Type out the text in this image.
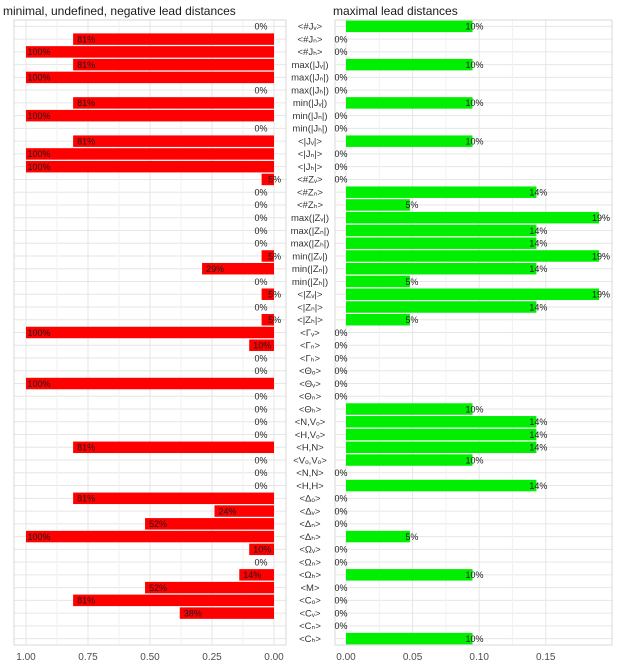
minimal, undefined, negative lead distances	maximal lead distances
1.00	0.75	0.50	0.25	0.00
0%
81%
100%
81%
100%
0%
81%
100%
0%
81%
100%
100%
5%
0%
0%
0%
0%
0%
5%
29%
0%
5%
0%
5%
100%
10%
0%
0%
100%
0%
0%
0%
0%
81%
0%
0%
0%
81%
24%
52%
100%
10%
0%
14%
52%
81%
38%
0.00	0.05	0.10	0.15
10%
0%
0%
10%
0%
0%
10%
0%
0%
10%
0%
0%
0%
14%
5%
19%
14%
14%
19%
14%
5%
19%
14%
5%
0%
0%
0%
0%
0%
0%
10%
14%
14%
14%
10%
0%
14%
0%
0%
0%
5%
0%
0%
10%
0%
0%
0%
0%
10%
<#Jᵥ>
<#Jₙ>
<#Jₕ>
max(|Jᵥ|)
max(|Jₙ|)
max(|Jₕ|)
min(|Jᵥ|)
min(|Jₙ|)
min(|Jₕ|)
<|Jᵥ|>
<|Jₙ|>
<|Jₕ|>
<#Zᵥ>
<#Zₙ>
<#Zₕ>
max(|Zᵥ|)
max(|Zₙ|)
max(|Zₕ|)
min(|Zᵥ|)
min(|Zₙ|)
min(|Zₕ|)
<|Zᵥ|>
<|Zₙ|>
<|Zₕ|>
<Γᵥ>
<Γₙ>
<Γₕ>
<Θₒ>
<Θᵥ>
<Θₙ>
<Θₕ>
<N,Vₒ>
<H,Vₒ>
<H,N>
<Vₒ,Vₒ>
<N,N>
<H,H>
<Δₒ>
<Δᵥ>
<Δₙ>
<Δₕ>
<Ωᵥ>
<Ωₙ>
<Ωₕ>
<M>
<Cₒ>
<Cᵥ>
<Cₙ>
<Cₕ>
